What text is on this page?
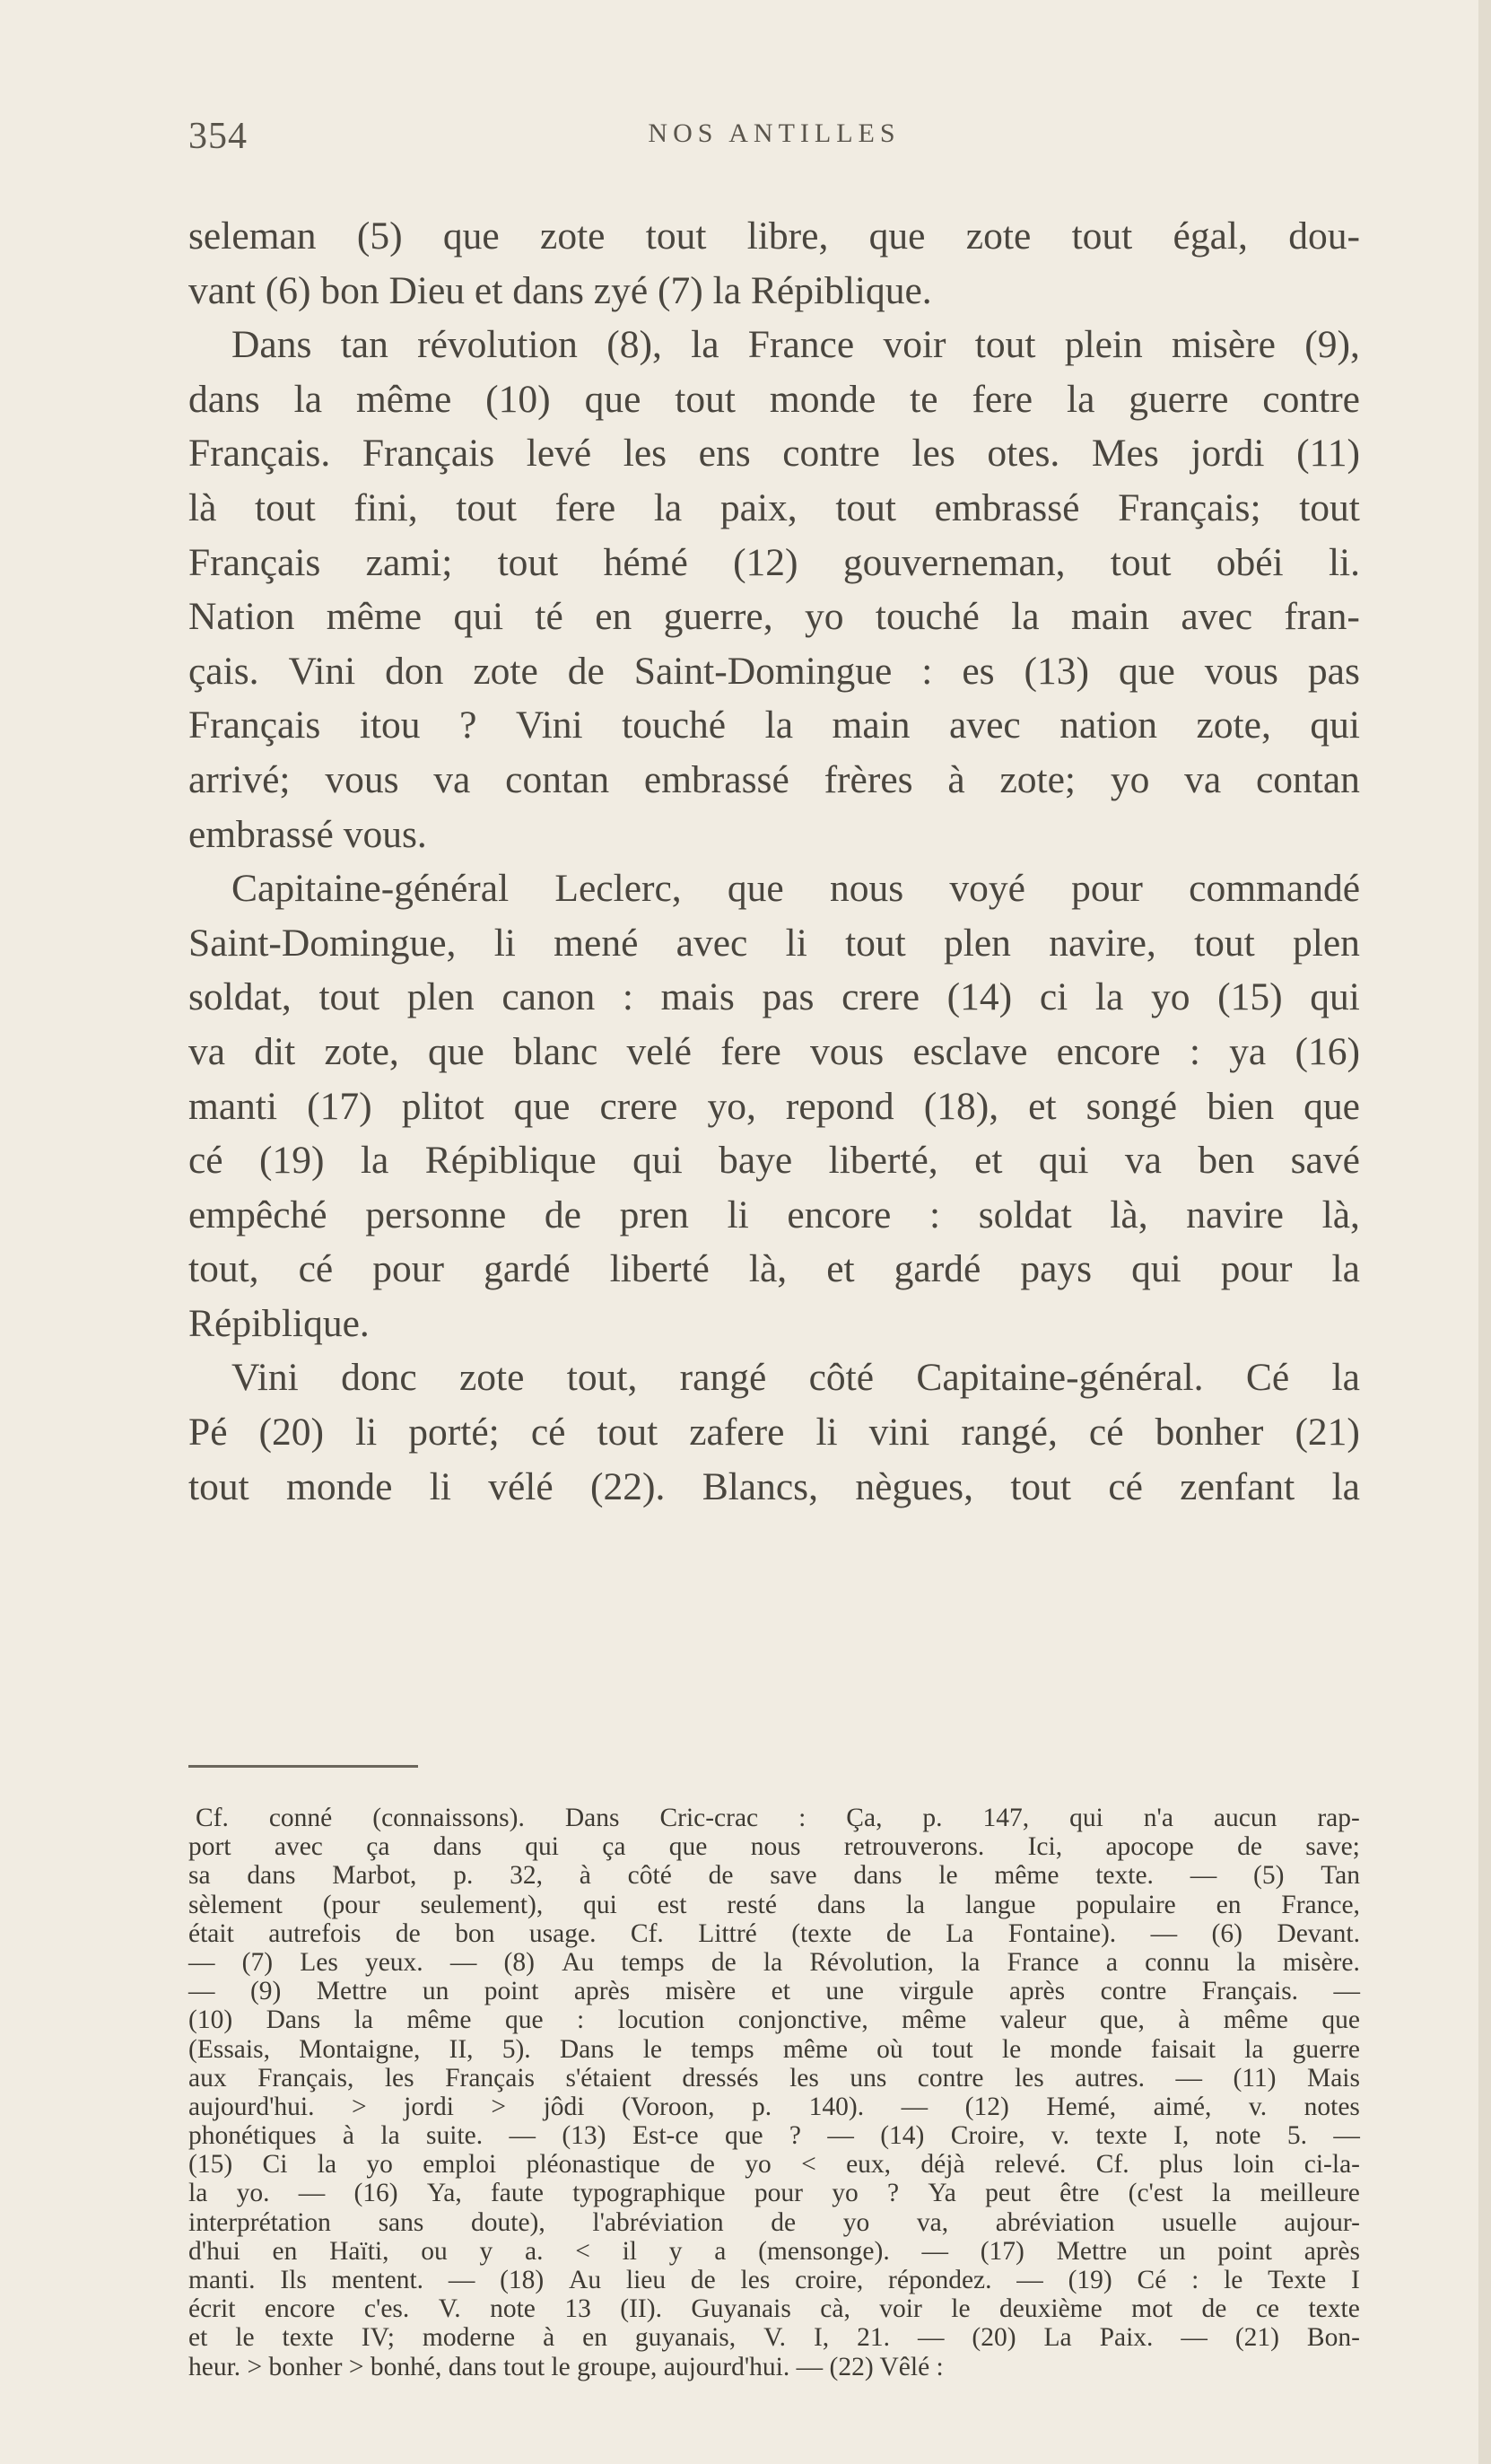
354	NOS ANTILLES
seleman (5) que zote tout libre, que zote tout égal, dou-
vant (6) bon Dieu et dans zyé (7) la Répiblique.
Dans tan révolution (8), la France voir tout plein misère (9),
dans la même (10) que tout monde te fere la guerre contre
Français. Français levé les ens contre les otes. Mes jordi (11)
là tout fini, tout fere la paix, tout embrassé Français; tout
Français zami; tout hémé (12) gouverneman, tout obéi li.
Nation même qui té en guerre, yo touché la main avec fran-
çais. Vini don zote de Saint-Domingue : es (13) que vous pas
Français itou ? Vini touché la main avec nation zote, qui
arrivé; vous va contan embrassé frères à zote; yo va contan
embrassé vous.
Capitaine-général Leclerc, que nous voyé pour commandé
Saint-Domingue, li mené avec li tout plen navire, tout plen
soldat, tout plen canon : mais pas crere (14) ci la yo (15) qui
va dit zote, que blanc velé fere vous esclave encore : ya (16)
manti (17) plitot que crere yo, repond (18), et songé bien que
cé (19) la Répiblique qui baye liberté, et qui va ben savé
empêché personne de pren li encore : soldat là, navire là,
tout, cé pour gardé liberté là, et gardé pays qui pour la
Répiblique.
Vini donc zote tout, rangé côté Capitaine-général. Cé la
Pé (20) li porté; cé tout zafere li vini rangé, cé bonher (21)
tout monde li vélé (22). Blancs, nègues, tout cé zenfant la
Cf. conné (connaissons). Dans Cric-crac : Ça, p. 147, qui n'a aucun rap-
port avec ça dans qui ça que nous retrouverons. Ici, apocope de save;
sa dans Marbot, p. 32, à côté de save dans le même texte. — (5) Tan
sèlement (pour seulement), qui est resté dans la langue populaire en France,
était autrefois de bon usage. Cf. Littré (texte de La Fontaine). — (6) Devant.
— (7) Les yeux. — (8) Au temps de la Révolution, la France a connu la misère.
— (9) Mettre un point après misère et une virgule après contre Français. —
(10) Dans la même que : locution conjonctive, même valeur que, à même que
(Essais, Montaigne, II, 5). Dans le temps même où tout le monde faisait la guerre
aux Français, les Français s'étaient dressés les uns contre les autres. — (11) Mais
aujourd'hui. > jordi > jôdi (Voroon, p. 140). — (12) Hemé, aimé, v. notes
phonétiques à la suite. — (13) Est-ce que ? — (14) Croire, v. texte I, note 5. —
(15) Ci la yo emploi pléonastique de yo < eux, déjà relevé. Cf. plus loin ci-la-
la yo. — (16) Ya, faute typographique pour yo ? Ya peut être (c'est la meilleure
interprétation sans doute), l'abréviation de yo va, abréviation usuelle aujour-
d'hui en Haïti, ou y a. < il y a (mensonge). — (17) Mettre un point après
manti. Ils mentent. — (18) Au lieu de les croire, répondez. — (19) Cé : le Texte I
écrit encore c'es. V. note 13 (II). Guyanais cà, voir le deuxième mot de ce texte
et le texte IV; moderne à en guyanais, V. I, 21. — (20) La Paix. — (21) Bon-
heur. > bonher > bonhé, dans tout le groupe, aujourd'hui. — (22) Vêlé :
